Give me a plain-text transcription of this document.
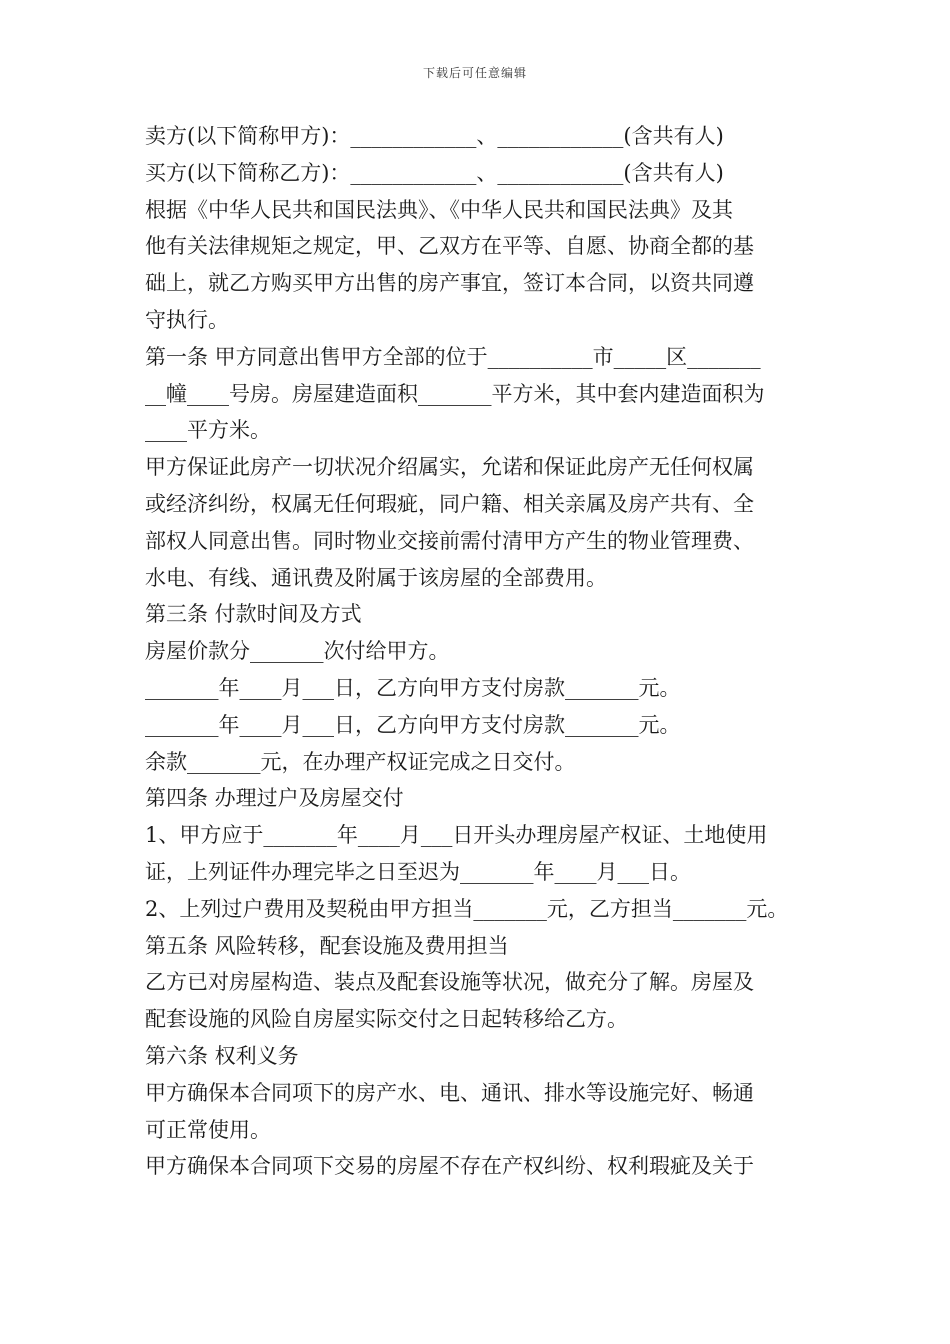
下载后可任意编辑
卖方(以下简称甲方)：____________、____________(含共有人)
买方(以下简称乙方)：____________、____________(含共有人)
根据《中华人民共和国民法典》、《中华人民共和国民法典》及其
他有关法律规矩之规定，甲、乙双方在平等、自愿、协商全都的基
础上，就乙方购买甲方出售的房产事宜，签订本合同，以资共同遵
守执行。
第一条 甲方同意出售甲方全部的位于__________市_____区_______
__幢____号房。房屋建造面积_______平方米，其中套内建造面积为
____平方米。
甲方保证此房产一切状况介绍属实，允诺和保证此房产无任何权属
或经济纠纷，权属无任何瑕疵，同户籍、相关亲属及房产共有、全
部权人同意出售。同时物业交接前需付清甲方产生的物业管理费、
水电、有线、通讯费及附属于该房屋的全部费用。
第三条 付款时间及方式
房屋价款分_______次付给甲方。
_______年____月___日，乙方向甲方支付房款_______元。
_______年____月___日，乙方向甲方支付房款_______元。
余款_______元，在办理产权证完成之日交付。
第四条 办理过户及房屋交付
1、甲方应于_______年____月___日开头办理房屋产权证、土地使用
证，上列证件办理完毕之日至迟为_______年____月___日。
2、上列过户费用及契税由甲方担当_______元，乙方担当_______元。
第五条 风险转移，配套设施及费用担当
乙方已对房屋构造、装点及配套设施等状况，做充分了解。房屋及
配套设施的风险自房屋实际交付之日起转移给乙方。
第六条 权利义务
甲方确保本合同项下的房产水、电、通讯、排水等设施完好、畅通
可正常使用。
甲方确保本合同项下交易的房屋不存在产权纠纷、权利瑕疵及关于
